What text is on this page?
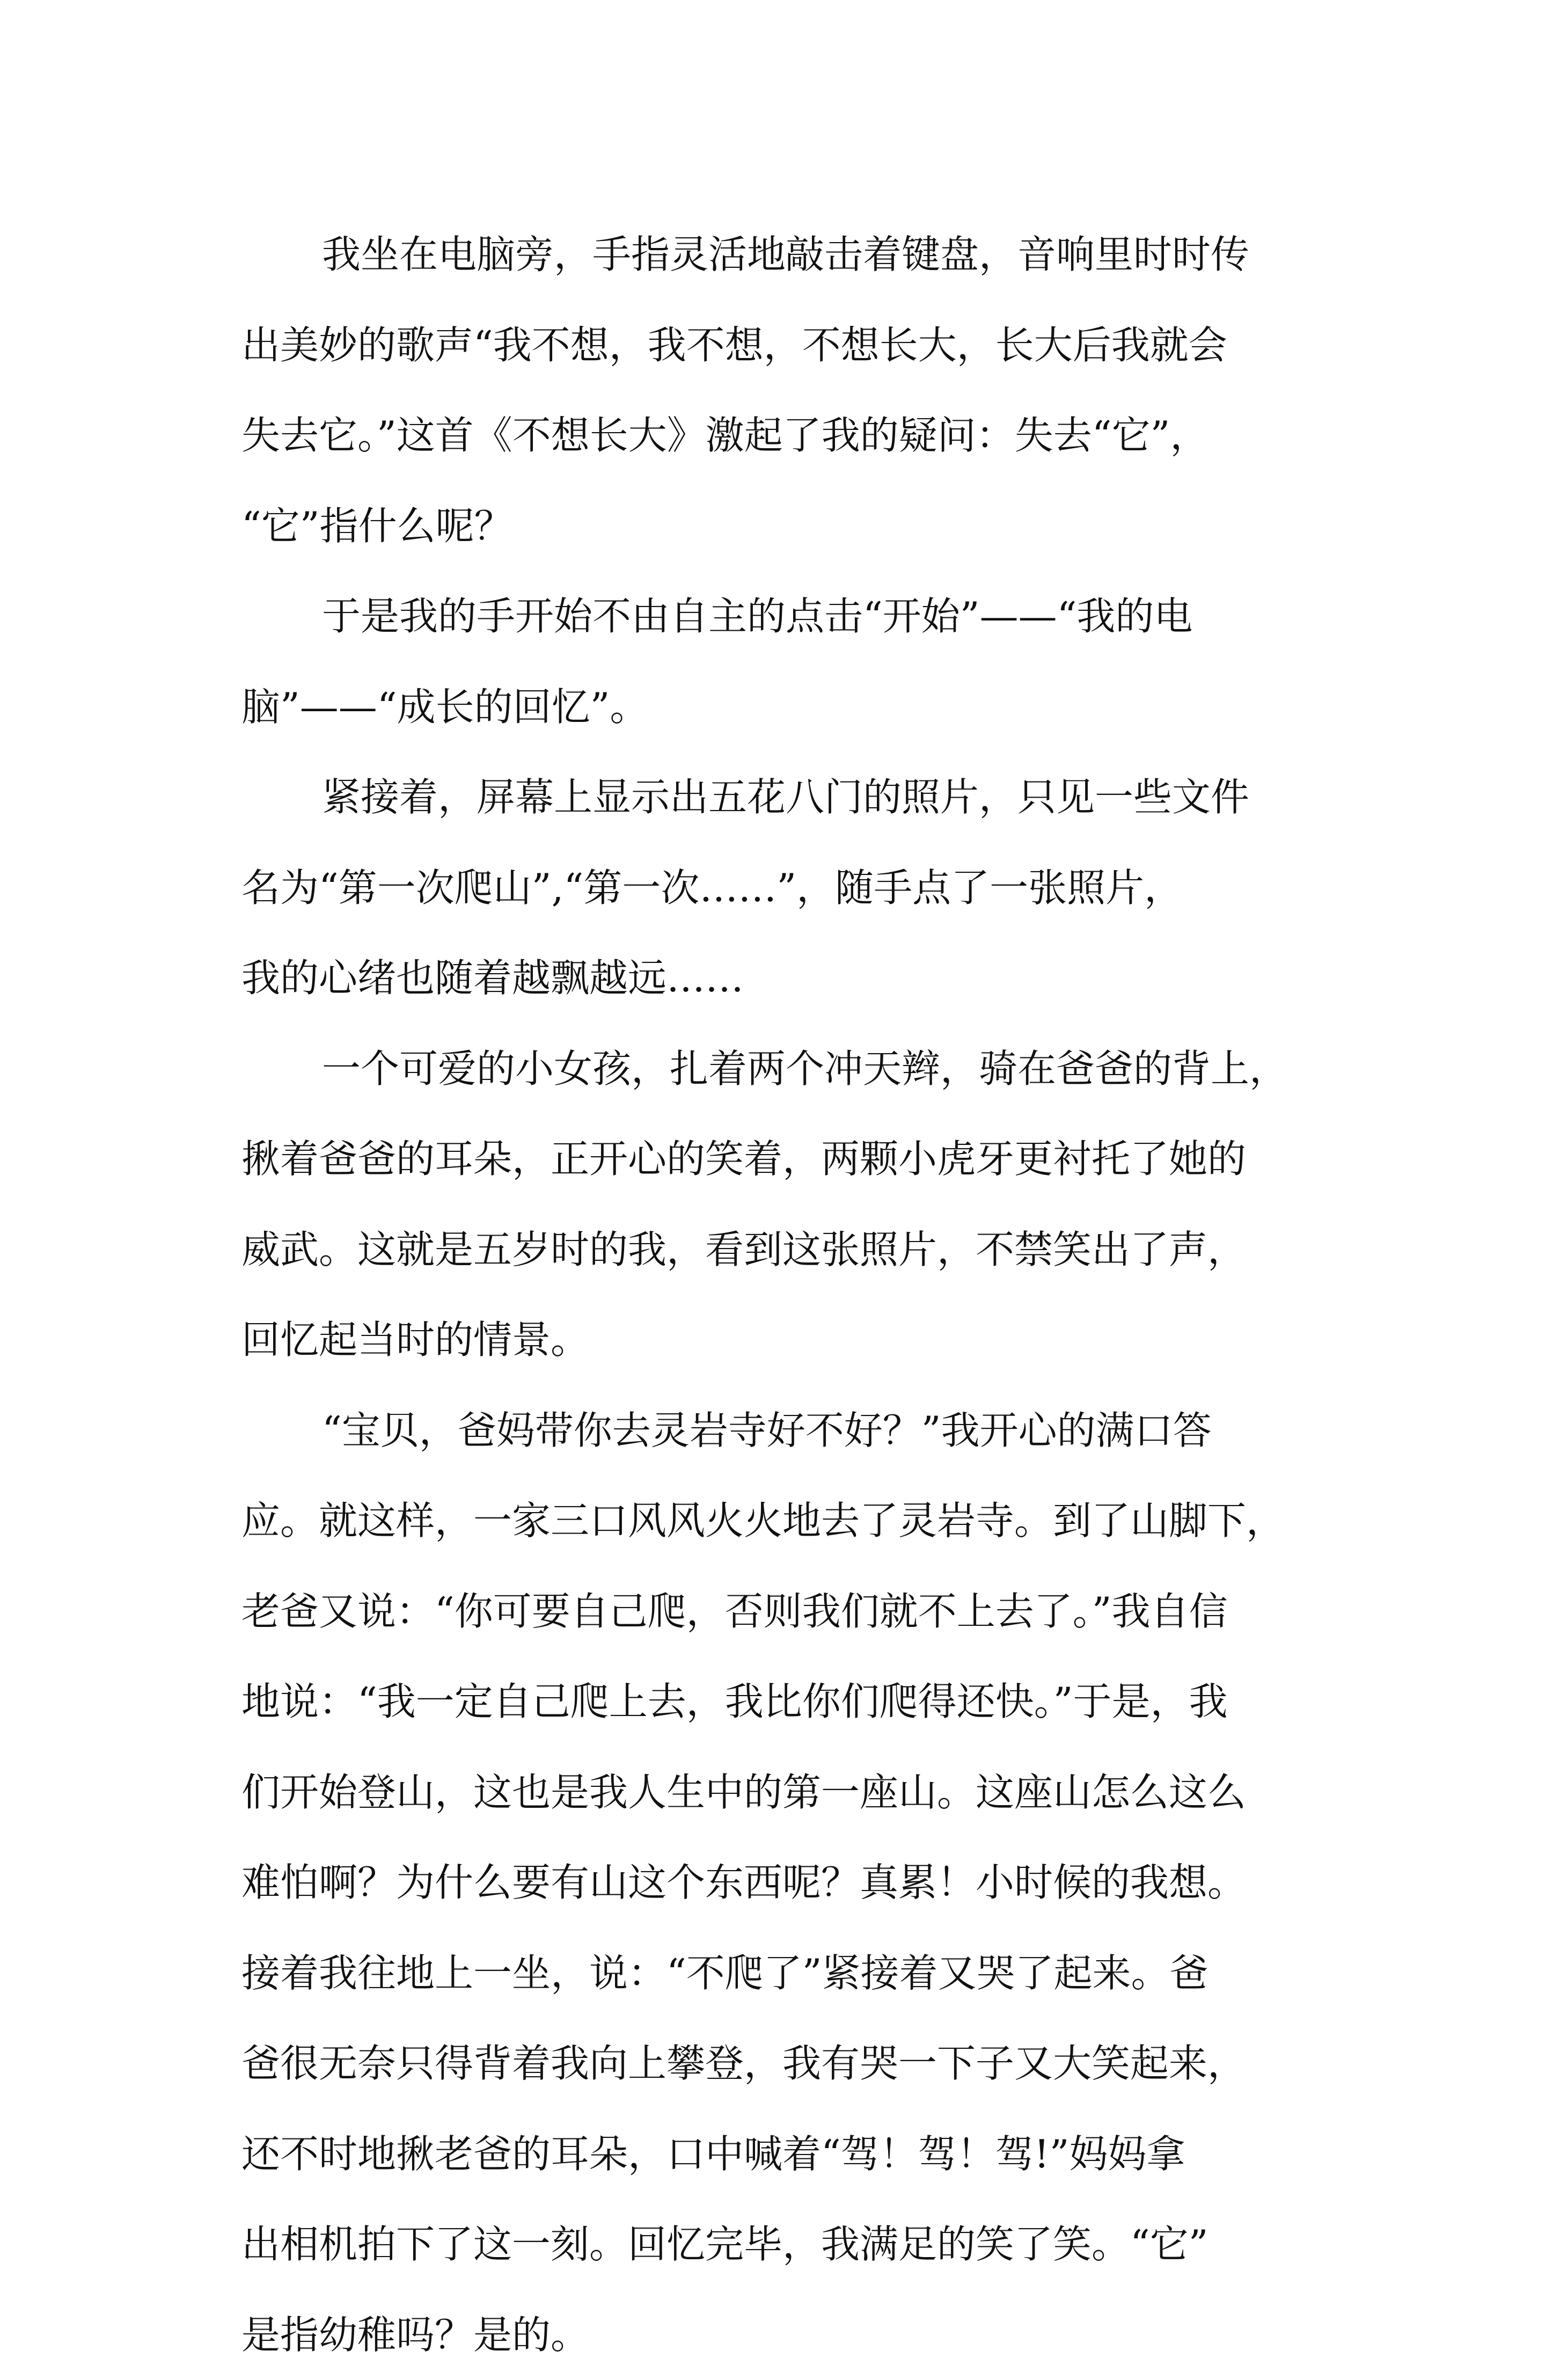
我坐在电脑旁，手指灵活地敲击着键盘，音响里时时传
出美妙的歌声“我不想，我不想，不想长大，长大后我就会
失去它。”这首《不想长大》激起了我的疑问：失去“它”，
“它”指什么呢？
于是我的手开始不由自主的点击“开始”——“我的电
脑”——“成长的回忆”。
紧接着，屏幕上显示出五花八门的照片，只见一些文件
名为“第一次爬山”,“第一次……”，随手点了一张照片，
我的心绪也随着越飘越远……
一个可爱的小女孩，扎着两个冲天辫，骑在爸爸的背上，
揪着爸爸的耳朵，正开心的笑着，两颗小虎牙更衬托了她的
威武。这就是五岁时的我，看到这张照片，不禁笑出了声，
回忆起当时的情景。
“宝贝，爸妈带你去灵岩寺好不好？”我开心的满口答
应。就这样，一家三口风风火火地去了灵岩寺。到了山脚下，
老爸又说：“你可要自己爬，否则我们就不上去了。”我自信
地说：“我一定自己爬上去，我比你们爬得还快。”于是，我
们开始登山，这也是我人生中的第一座山。这座山怎么这么
难怕啊？为什么要有山这个东西呢？真累！小时候的我想。
接着我往地上一坐，说：“不爬了”紧接着又哭了起来。爸
爸很无奈只得背着我向上攀登，我有哭一下子又大笑起来，
还不时地揪老爸的耳朵，口中喊着“驾！驾！驾!”妈妈拿
出相机拍下了这一刻。回忆完毕，我满足的笑了笑。“它”
是指幼稚吗？是的。
